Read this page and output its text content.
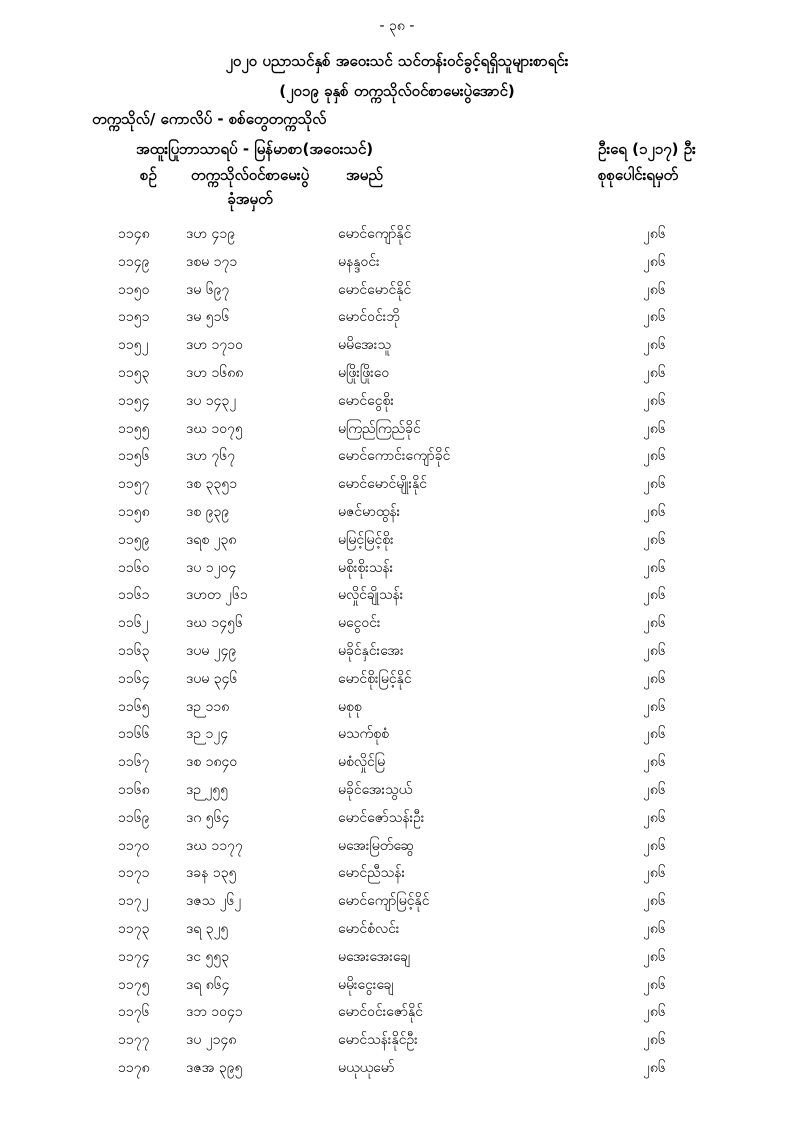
- ၃၈ -
၂၀၂၀ ပညာသင်နှစ် အဝေးသင် သင်တန်းဝင်ခွင့်ရရှိသူများစာရင်း
(၂၀၁၉ ခုနှစ် တက္ကသိုလ်ဝင်စာမေးပွဲအောင်)
တက္ကသိုလ်/ ကောလိပ် - စစ်တွေတက္ကသိုလ်
အထူးပြုဘာသာရပ် - မြန်မာစာ(အဝေးသင်)	ဦးရေ (၁၂၁၇) ဦး
စဉ်	တက္ကသိုလ်ဝင်စာမေးပွဲ
ခုံအမှတ်
အမည်	စုစုပေါင်းရမှတ်
၁၁၄၈	ဒဟ ၄၁၉	မောင်ကျော်နိုင်	၂၈၆
၁၁၄၉	ဒစမ ၁၇၁	မနန္ဒဝင်း	၂၈၆
၁၁၅၀	ဒမ ၆၉၇	မောင်မောင်နိုင်	၂၈၆
၁၁၅၁	ဒမ ၅၁၆	မောင်ဝင်းဘို	၂၈၆
၁၁၅၂	ဒဟ ၁၇၁၀	မမိအေးသူ	၂၈၆
၁၁၅၃	ဒဟ ၁၆၈၈	မဖြိုးဖြိုးဝေ	၂၈၆
၁၁၅၄	ဒပ ၁၄၃၂	မောင်ငွေစိုး	၂၈၆
၁၁၅၅	ဒဃ ၁၀၇၅	မကြည်ကြည်ခိုင်	၂၈၆
၁၁၅၆	ဒဟ ၇၆၇	မောင်ကောင်းကျော်ခိုင်	၂၈၆
၁၁၅၇	ဒစ ၃၃၅၁	မောင်မောင်မျိုးနိုင်	၂၈၆
၁၁၅၈	ဒစ ၉၃၉	မဇင်မာထွန်း	၂၈၆
၁၁၅၉	ဒရစ ၂၃၈	မမြင့်မြင့်စိုး	၂၈၆
၁၁၆၀	ဒပ ၁၂၀၄	မစိုးစိုးသန်း	၂၈၆
၁၁၆၁	ဒဟတ ၂၆၁	မလှိုင်ချိုသန်း	၂၈၆
၁၁၆၂	ဒဃ ၁၄၅၆	မငွေဝင်း	၂၈၆
၁၁၆၃	ဒပမ ၂၄၉	မခိုင်နှင်းအေး	၂၈၆
၁၁၆၄	ဒပမ ၃၄၆	မောင်စိုးမြင့်နိုင်	၂၈၆
၁၁၆၅	ဒဉ ၁၁၈	မစုစု	၂၈၆
၁၁၆၆	ဒဉ ၁၂၄	မသက်စုစံ	၂၈၆
၁၁၆၇	ဒစ ၁၈၄၀	မစံလှိုင်မြ	၂၈၆
၁၁၆၈	ဒဉ ၂၅၅	မခိုင်အေးသွယ်	၂၈၆
၁၁၆၉	ဒဂ ၅၆၄	မောင်ဇော်သန်းဦး	၂၈၆
၁၁၇၀	ဒဃ ၁၁၇၇	မအေးမြတ်ဆွေ	၂၈၆
၁၁၇၁	ဒခန ၁၃၅	မောင်ညီသန်း	၂၈၆
၁၁၇၂	ဒဇသ ၂၆၂	မောင်ကျော်မြင့်နိုင်	၂၈၆
၁၁၇၃	ဒရ ၃၂၅	မောင်စံလင်း	၂၈၆
၁၁၇၄	ဒင ၅၅၃	မအေးအေးချေ	၂၈၆
၁၁၇၅	ဒရ ၈၆၄	မမိုးငွေးချေ	၂၈၆
၁၁၇၆	ဒဘ ၁၀၄၁	မောင်ဝင်းဇော်နိုင်	၂၈၆
၁၁၇၇	ဒပ ၂၁၄၈	မောင်သန်းနိုင်ဦး	၂၈၆
၁၁၇၈	ဒဇအ ၃၉၅	မယုယုမော်	၂၈၆
